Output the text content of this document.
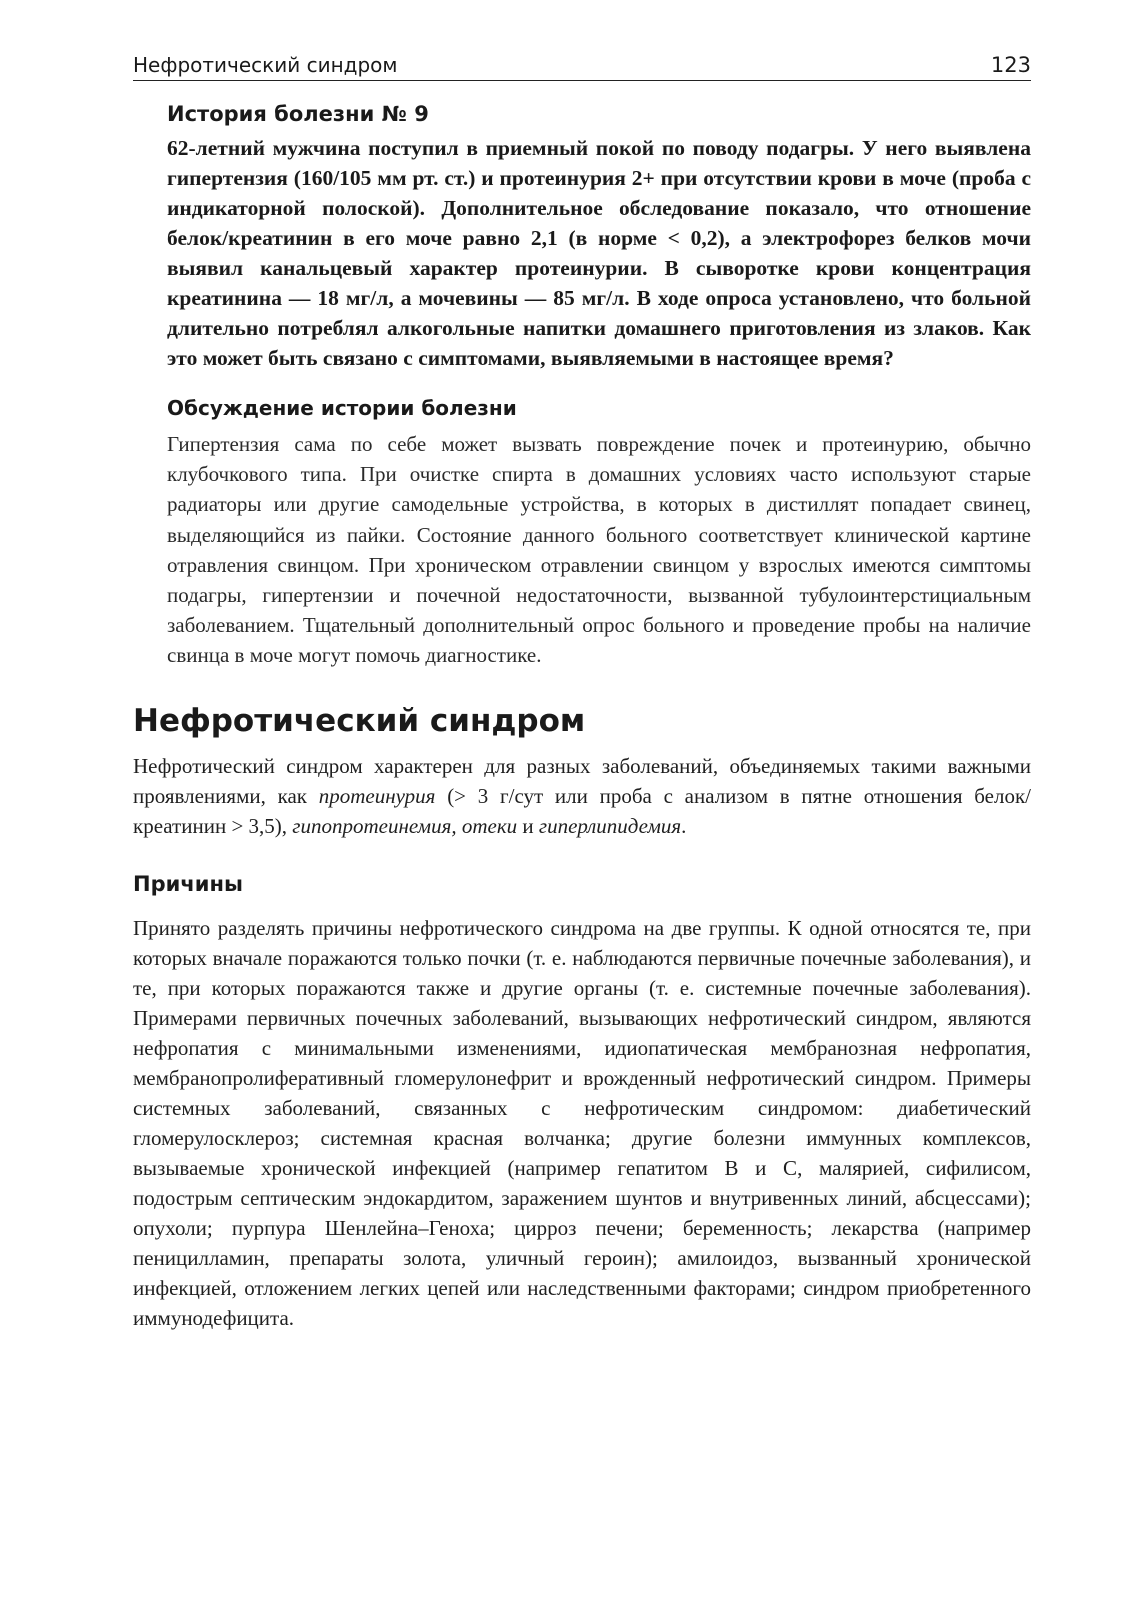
Нефротический синдром	123
История болезни № 9

62-летний мужчина поступил в приемный покой по поводу подагры. У него выявлена гипертензия (160/105 мм рт. ст.) и протеинурия 2+ при отсутствии крови в моче (проба с индикаторной полоской). Дополнительное обследование показало, что отношение белок/креатинин в его моче равно 2,1 (в норме < 0,2), а электрофорез белков мочи выявил канальцевый характер протеинурии. В сыворотке крови концентрация креатинина — 18 мг/л, а мочевины — 85 мг/л. В ходе опроса установлено, что больной длительно потреблял алкогольные напитки домашнего приготовления из злаков. Как это может быть связано с симптомами, выявляемыми в настоящее время?

Обсуждение истории болезни

Гипертензия сама по себе может вызвать повреждение почек и протеинурию, обычно клубочкового типа. При очистке спирта в домашних условиях часто используют старые радиаторы или другие самодельные устройства, в которых в дистиллят попадает свинец, выделяющийся из пайки. Состояние данного больного соответствует клинической картине отравления свинцом. При хроническом отравлении свинцом у взрослых имеются симптомы подагры, гипертензии и почечной недостаточности, вызванной тубулоинтерстициальным заболеванием. Тщательный дополнительный опрос больного и проведение пробы на наличие свинца в моче могут помочь диагностике.

Нефротический синдром

Нефротический синдром характерен для разных заболеваний, объединяемых такими важными проявлениями, как протеинурия (> 3 г/сут или проба с анализом в пятне отношения белок/креатинин > 3,5), гипопротеинемия, отеки и гиперлипидемия.

Причины

Принято разделять причины нефротического синдрома на две группы. К одной относятся те, при которых вначале поражаются только почки (т. е. наблюдаются первичные почечные заболевания), и те, при которых поражаются также и другие органы (т. е. системные почечные заболевания). Примерами первичных почечных заболеваний, вызывающих нефротический синдром, являются нефропатия с минимальными изменениями, идиопатическая мембранозная нефропатия, мембранопролиферативный гломерулонефрит и врожденный нефротический синдром. Примеры системных заболеваний, связанных с нефротическим синдромом: диабетический гломерулосклероз; системная красная волчанка; другие болезни иммунных комплексов, вызываемые хронической инфекцией (например гепатитом В и С, малярией, сифилисом, подострым септическим эндокардитом, заражением шунтов и внутривенных линий, абсцессами); опухоли; пурпура Шенлейна–Геноха; цирроз печени; беременность; лекарства (например пеницилламин, препараты золота, уличный героин); амилоидоз, вызванный хронической инфекцией, отложением легких цепей или наследственными факторами; синдром приобретенного иммунодефицита.
